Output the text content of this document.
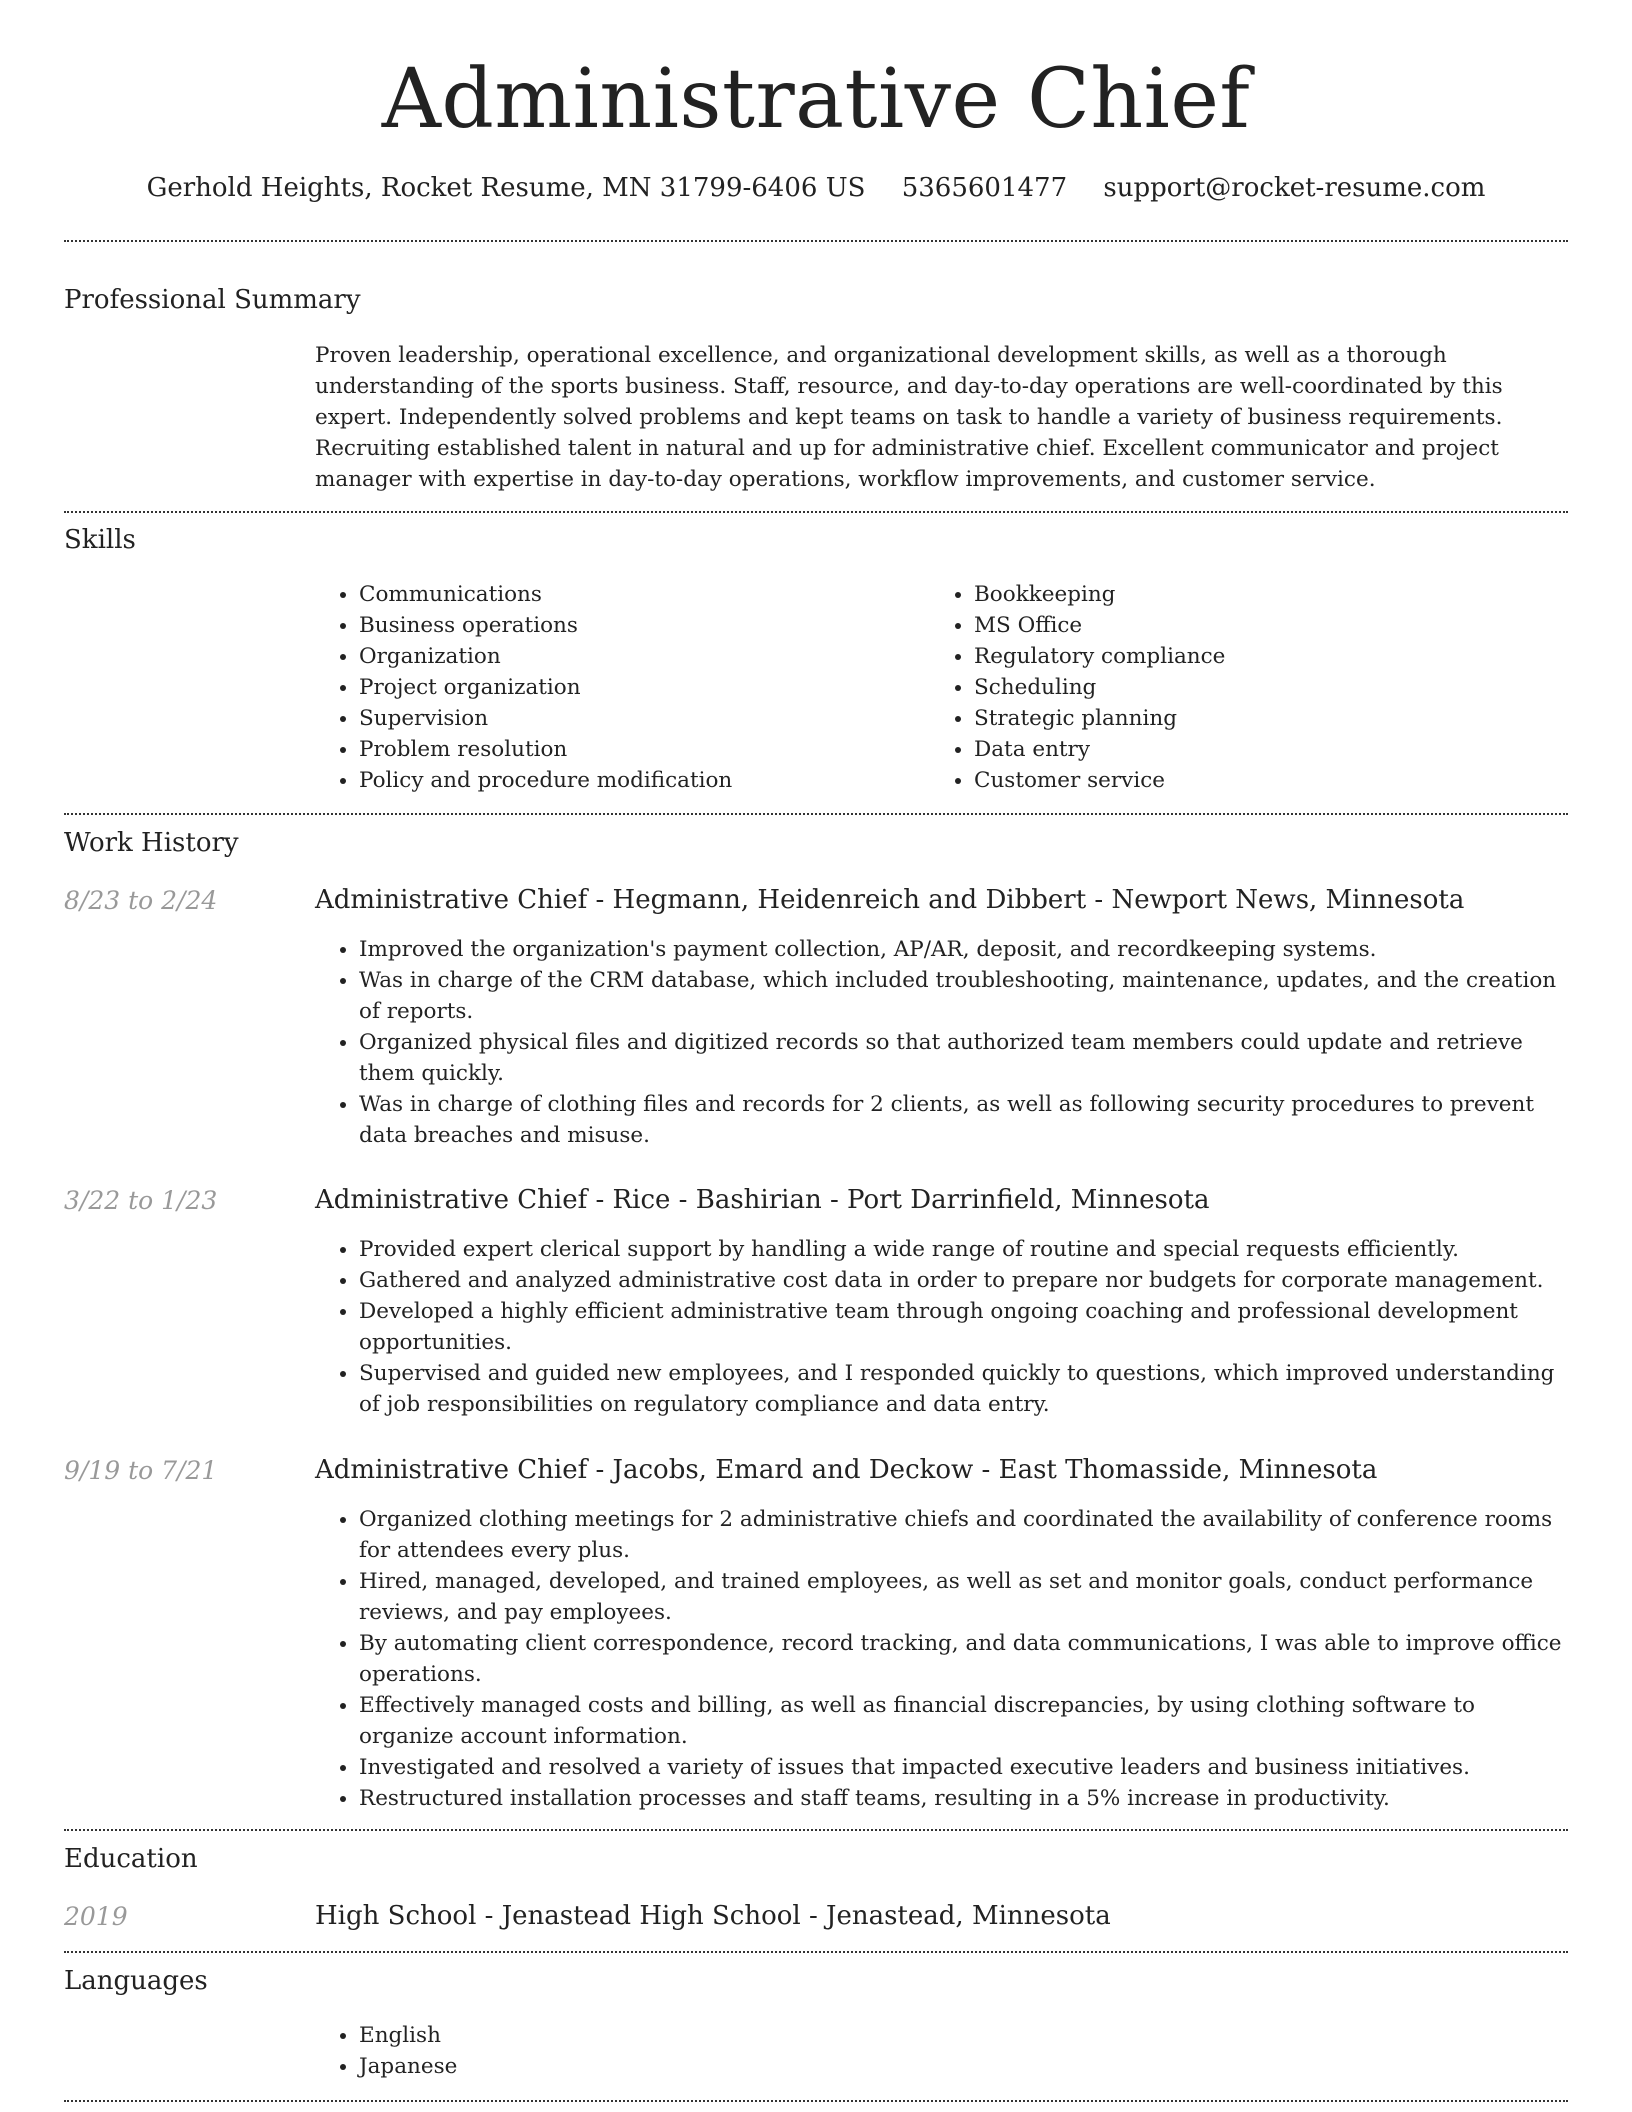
Administrative Chief
Gerhold Heights, Rocket Resume, MN 31799-6406 US 5365601477 support@rocket-resume.com
Professional Summary

Proven leadership, operational excellence, and organizational development skills, as well as a thorough understanding of the sports business. Staff, resource, and day-to-day operations are well-coordinated by this expert. Independently solved problems and kept teams on task to handle a variety of business requirements. Recruiting established talent in natural and up for administrative chief. Excellent communicator and project manager with expertise in day-to-day operations, workflow improvements, and customer service.

Skills
• Communications
• Business operations
• Organization
• Project organization
• Supervision
• Problem resolution
• Policy and procedure modification
• Bookkeeping
• MS Office
• Regulatory compliance
• Scheduling
• Strategic planning
• Data entry
• Customer service
Work History
8/23 to 2/24	Administrative Chief - Hegmann, Heidenreich and Dibbert - Newport News, Minnesota
• Improved the organization's payment collection, AP/AR, deposit, and recordkeeping systems.
• Was in charge of the CRM database, which included troubleshooting, maintenance, updates, and the creation of reports.
• Organized physical files and digitized records so that authorized team members could update and retrieve them quickly.
• Was in charge of clothing files and records for 2 clients, as well as following security procedures to prevent data breaches and misuse.
3/22 to 1/23	Administrative Chief - Rice - Bashirian - Port Darrinfield, Minnesota
• Provided expert clerical support by handling a wide range of routine and special requests efficiently.
• Gathered and analyzed administrative cost data in order to prepare nor budgets for corporate management.
• Developed a highly efficient administrative team through ongoing coaching and professional development opportunities.
• Supervised and guided new employees, and I responded quickly to questions, which improved understanding of job responsibilities on regulatory compliance and data entry.
9/19 to 7/21	Administrative Chief - Jacobs, Emard and Deckow - East Thomasside, Minnesota
• Organized clothing meetings for 2 administrative chiefs and coordinated the availability of conference rooms for attendees every plus.
• Hired, managed, developed, and trained employees, as well as set and monitor goals, conduct performance reviews, and pay employees.
• By automating client correspondence, record tracking, and data communications, I was able to improve office operations.
• Effectively managed costs and billing, as well as financial discrepancies, by using clothing software to organize account information.
• Investigated and resolved a variety of issues that impacted executive leaders and business initiatives.
• Restructured installation processes and staff teams, resulting in a 5% increase in productivity.
Education
2019	High School - Jenastead High School - Jenastead, Minnesota
Languages
• English
• Japanese
